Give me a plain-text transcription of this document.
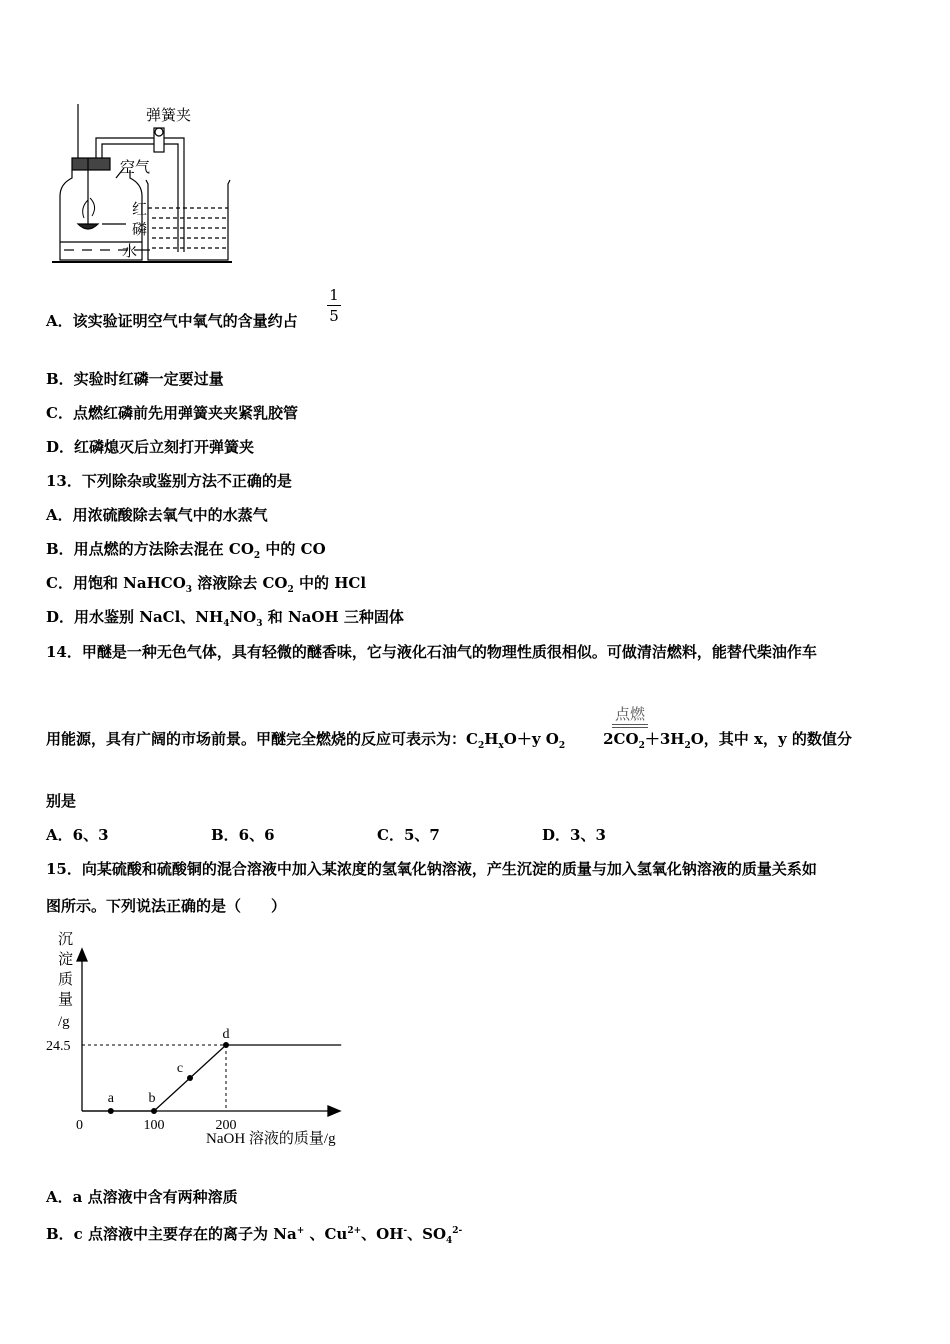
弹簧夹
空气
红
磷
水
A．该实验证明空气中氧气的含量约占
1
5
B．实验时红磷一定要过量
C．点燃红磷前先用弹簧夹夹紧乳胶管
D．红磷熄灭后立刻打开弹簧夹
13．下列除杂或鉴别方法不正确的是
A．用浓硫酸除去氧气中的水蒸气
B．用点燃的方法除去混在 $CO_2$ 中的 CO
C．用饱和 NaHCO$_3$ 溶液除去 $CO_2$ 中的 HCl
D．用水鉴别 NaCl、$NH_4NO_3$ 和 NaOH 三种固体
14．甲醚是一种无色气体，具有轻微的醚香味，它与液化石油气的物理性质很相似。可做清洁燃料，能替代柴油作车
点燃
用能源，具有广阔的市场前景。甲醚完全燃烧的反应可表示为：$C_2H_xO+y$ $O_2$	$2CO_2+3H_2O$，其中 x，y 的数值分
别是
A．6、3	B．6、6	C．5、7	D．3、3
15．向某硫酸和硫酸铜的混合溶液中加入某浓度的氢氧化钠溶液，产生沉淀的质量与加入氢氧化钠溶液的质量关系如
图所示。下列说法正确的是（　　）
沉
淀
质
量
/g
0
NaOH 溶液的质量/g
24.5
100	200
a b
c
d
A．a 点溶液中含有两种溶质
B．c 点溶液中主要存在的离子为 Na+ 、$Cu^{2+}$、OH-、$SO_4^{2-}$
